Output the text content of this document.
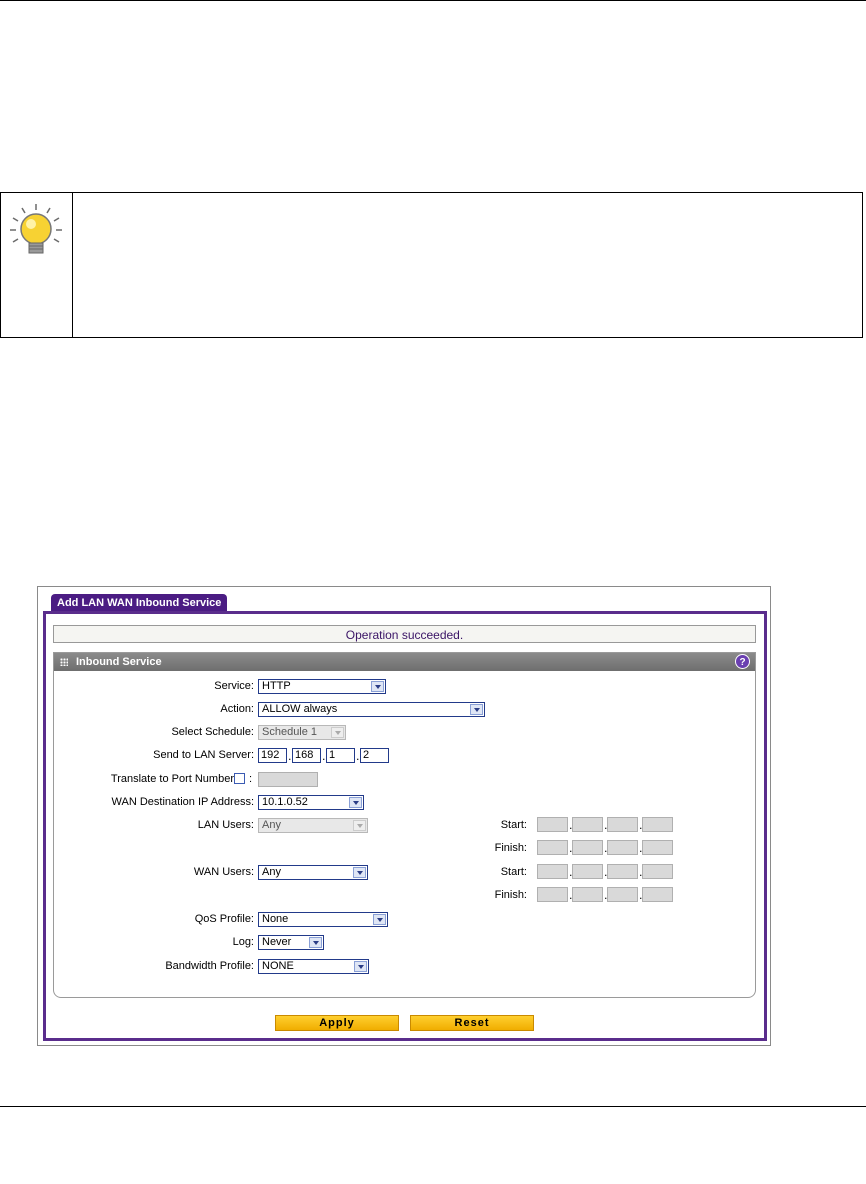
Add LAN WAN Inbound Service
Operation succeeded.
Inbound Service	?
Service: HTTP
Action: ALLOW always
Select Schedule: Schedule 1
Send to LAN Server: 192 . 168 . 1	. 2
Translate to Port Number :
WAN Destination IP Address: 10.1.0.52
LAN Users: Any	Start:	.	.	.
Finish:	.	.	.
WAN Users: Any	Start:	.	.	.
Finish:	.	.	.
QoS Profile: None
Log: Never
Bandwidth Profile: NONE
Apply	Reset
